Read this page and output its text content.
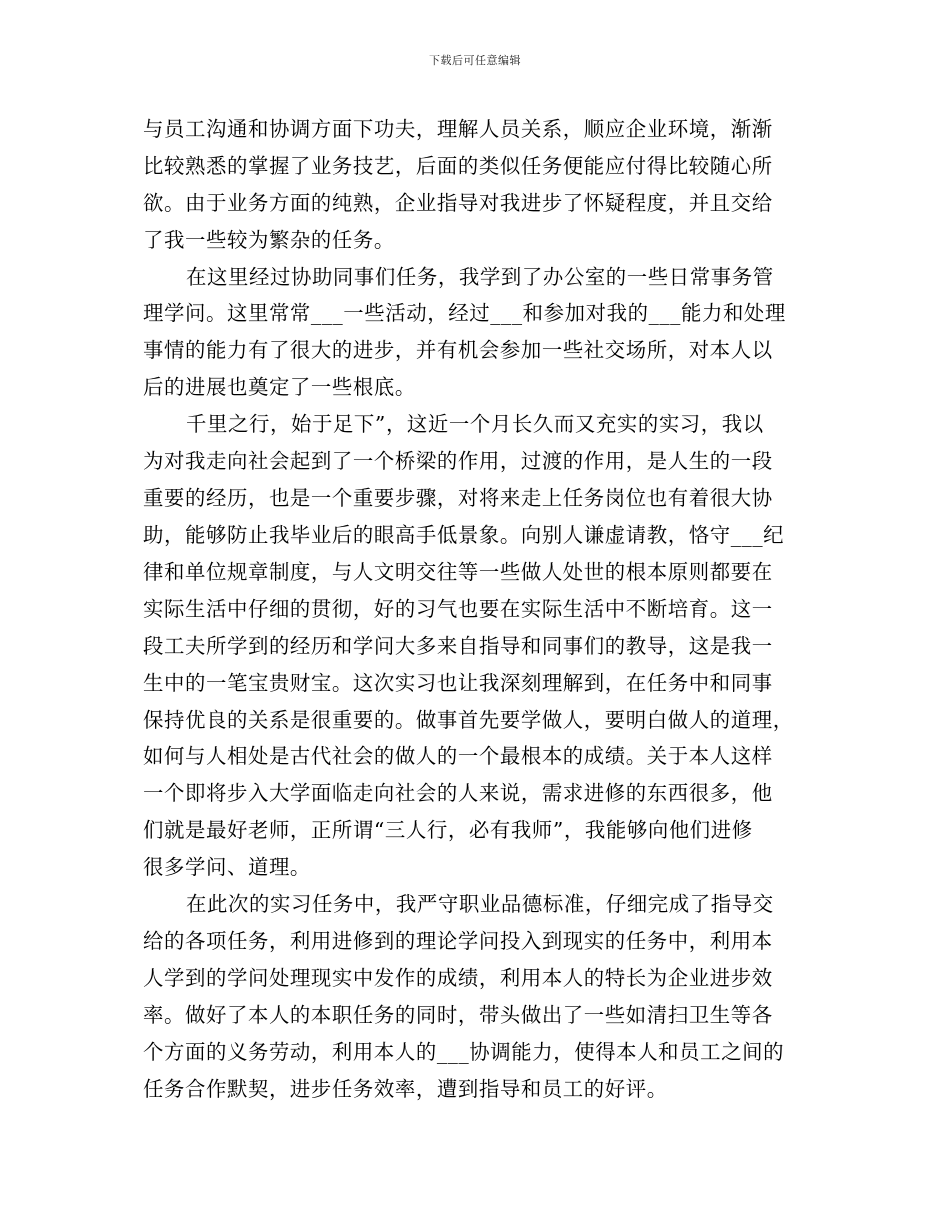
下载后可任意编辑
与员工沟通和协调方面下功夫，理解人员关系，顺应企业环境，渐渐
比较熟悉的掌握了业务技艺，后面的类似任务便能应付得比较随心所
欲。由于业务方面的纯熟，企业指导对我进步了怀疑程度，并且交给
了我一些较为繁杂的任务。
在这里经过协助同事们任务，我学到了办公室的一些日常事务管
理学问。这里常常___一些活动，经过___和参加对我的___能力和处理
事情的能力有了很大的进步，并有机会参加一些社交场所，对本人以
后的进展也奠定了一些根底。
千里之行，始于足下”，这近一个月长久而又充实的实习，我以
为对我走向社会起到了一个桥梁的作用，过渡的作用，是人生的一段
重要的经历，也是一个重要步骤，对将来走上任务岗位也有着很大协
助，能够防止我毕业后的眼高手低景象。向别人谦虚请教，恪守___纪
律和单位规章制度，与人文明交往等一些做人处世的根本原则都要在
实际生活中仔细的贯彻，好的习气也要在实际生活中不断培育。这一
段工夫所学到的经历和学问大多来自指导和同事们的教导，这是我一
生中的一笔宝贵财宝。这次实习也让我深刻理解到，在任务中和同事
保持优良的关系是很重要的。做事首先要学做人，要明白做人的道理，
如何与人相处是古代社会的做人的一个最根本的成绩。关于本人这样
一个即将步入大学面临走向社会的人来说，需求进修的东西很多，他
们就是最好老师，正所谓“三人行，必有我师”，我能够向他们进修
很多学问、道理。
在此次的实习任务中，我严守职业品德标准，仔细完成了指导交
给的各项任务，利用进修到的理论学问投入到现实的任务中，利用本
人学到的学问处理现实中发作的成绩，利用本人的特长为企业进步效
率。做好了本人的本职任务的同时，带头做出了一些如清扫卫生等各
个方面的义务劳动，利用本人的___协调能力，使得本人和员工之间的
任务合作默契，进步任务效率，遭到指导和员工的好评。
